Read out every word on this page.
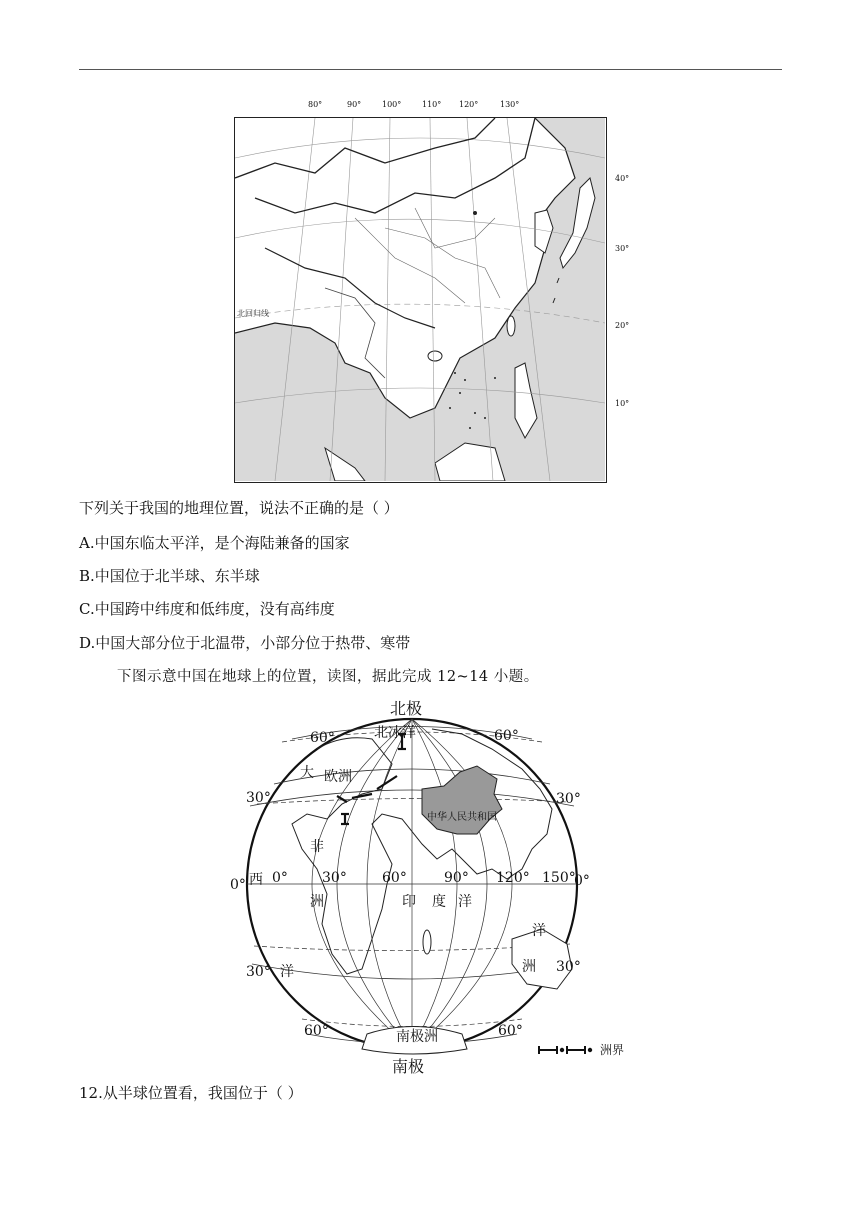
80°	90°	100°	110° 120°	130°
北回归线
40°
30°
20°
10°
下列关于我国的地理位置，说法不正确的是（ ）
A.中国东临太平洋，是个海陆兼备的国家
B.中国位于北半球、东半球
C.中国跨中纬度和低纬度，没有高纬度
D.中国大部分位于北温带，小部分位于热带、寒带
下图示意中国在地球上的位置，读图，据此完成 12~14 小题。
北极
南极
北冰洋
欧洲
大
西
洋
非
洲	印 度 洋
洋
洲
南极洲
中华人民共和国
60°	60°
30°	30°
0°	0°
30°	30°
60°	60°
0° 30°	60°	90° 120° 150°
洲界
12.从半球位置看，我国位于（ ）
